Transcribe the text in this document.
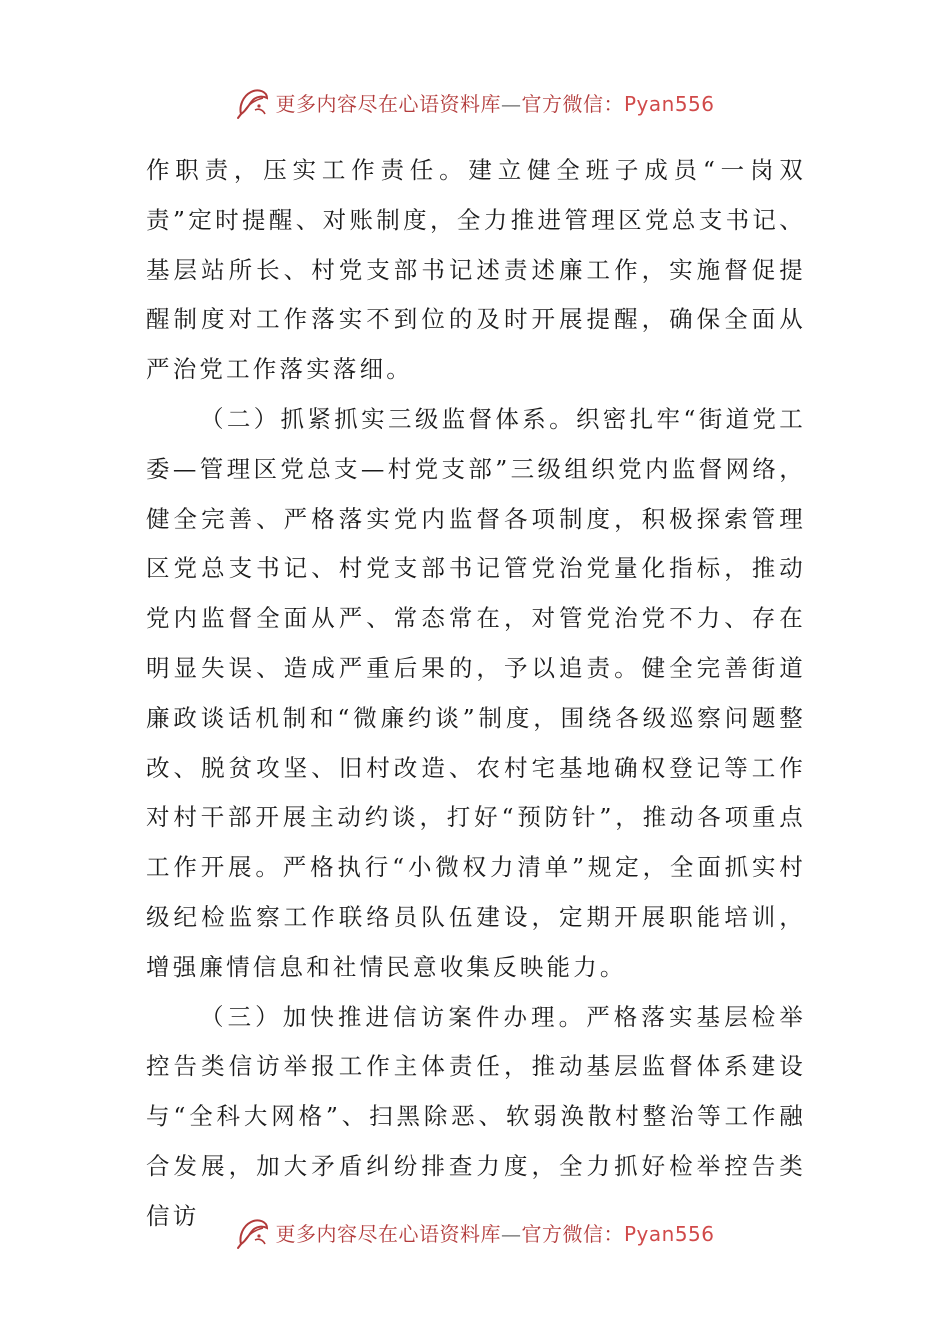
更多内容尽在心语资料库—官方微信：Pyan556

作职责，压实工作责任。建立健全班子成员“一岗双责”定时提醒、对账制度，全力推进管理区党总支书记、基层站所长、村党支部书记述责述廉工作，实施督促提醒制度对工作落实不到位的及时开展提醒，确保全面从严治党工作落实落细。

（二）抓紧抓实三级监督体系。织密扎牢“街道党工委—管理区党总支—村党支部”三级组织党内监督网络，健全完善、严格落实党内监督各项制度，积极探索管理区党总支书记、村党支部书记管党治党量化指标，推动党内监督全面从严、常态常在，对管党治党不力、存在明显失误、造成严重后果的，予以追责。健全完善街道廉政谈话机制和“微廉约谈”制度，围绕各级巡察问题整改、脱贫攻坚、旧村改造、农村宅基地确权登记等工作对村干部开展主动约谈，打好“预防针”，推动各项重点工作开展。严格执行“小微权力清单”规定，全面抓实村级纪检监察工作联络员队伍建设，定期开展职能培训，增强廉情信息和社情民意收集反映能力。

（三）加快推进信访案件办理。严格落实基层检举控告类信访举报工作主体责任，推动基层监督体系建设与“全科大网格”、扫黑除恶、软弱涣散村整治等工作融合发展，加大矛盾纠纷排查力度，全力抓好检举控告类信访

更多内容尽在心语资料库—官方微信：Pyan556
